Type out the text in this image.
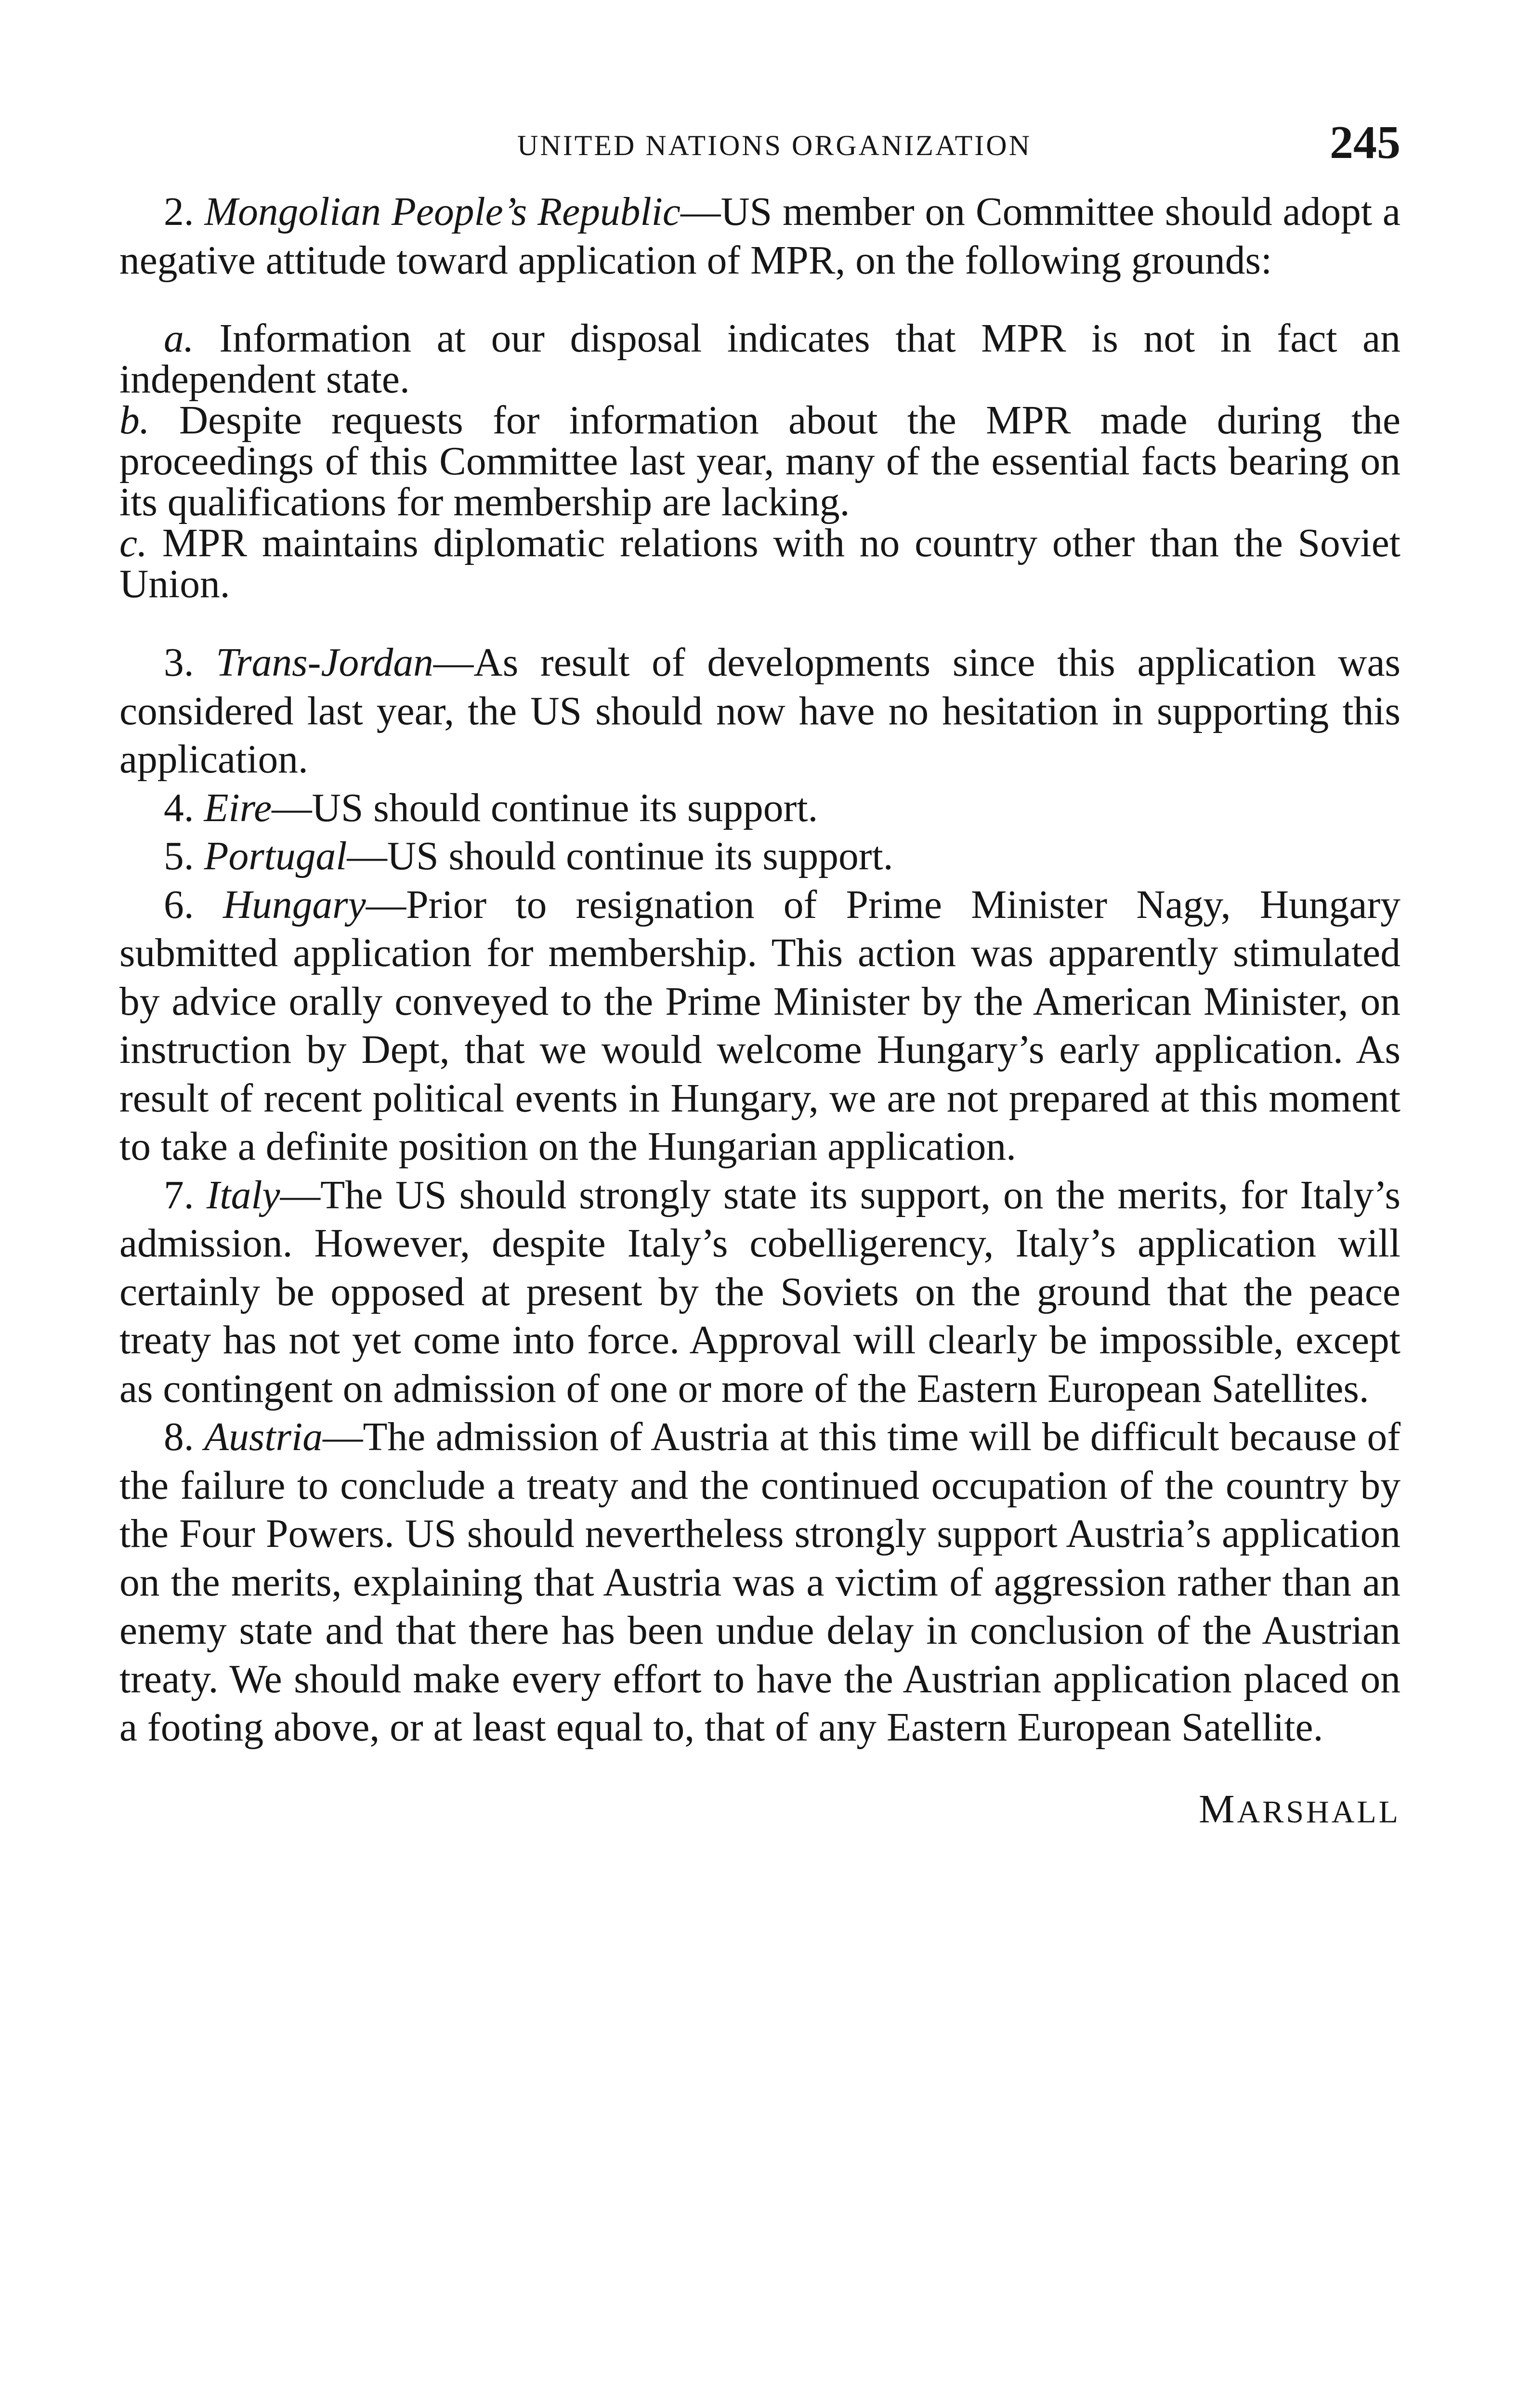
UNITED NATIONS ORGANIZATION	245

2. Mongolian People’s Republic—US member on Committee should adopt a negative attitude toward application of MPR, on the following grounds:

a. Information at our disposal indicates that MPR is not in fact an independent state.

b. Despite requests for information about the MPR made during the proceedings of this Committee last year, many of the essential facts bearing on its qualifications for membership are lacking.

c. MPR maintains diplomatic relations with no country other than the Soviet Union.

3. Trans-Jordan—As result of developments since this application was considered last year, the US should now have no hesitation in supporting this application.

4. Eire—US should continue its support.

5. Portugal—US should continue its support.

6. Hungary—Prior to resignation of Prime Minister Nagy, Hungary submitted application for membership. This action was apparently stimulated by advice orally conveyed to the Prime Minister by the American Minister, on instruction by Dept, that we would welcome Hungary’s early application. As result of recent political events in Hungary, we are not prepared at this moment to take a definite position on the Hungarian application.

7. Italy—The US should strongly state its support, on the merits, for Italy’s admission. However, despite Italy’s cobelligerency, Italy’s application will certainly be opposed at present by the Soviets on the ground that the peace treaty has not yet come into force. Approval will clearly be impossible, except as contingent on admission of one or more of the Eastern European Satellites.

8. Austria—The admission of Austria at this time will be difficult because of the failure to conclude a treaty and the continued occupation of the country by the Four Powers. US should nevertheless strongly support Austria’s application on the merits, explaining that Austria was a victim of aggression rather than an enemy state and that there has been undue delay in conclusion of the Austrian treaty. We should make every effort to have the Austrian application placed on a footing above, or at least equal to, that of any Eastern European Satellite.

MARSHALL
